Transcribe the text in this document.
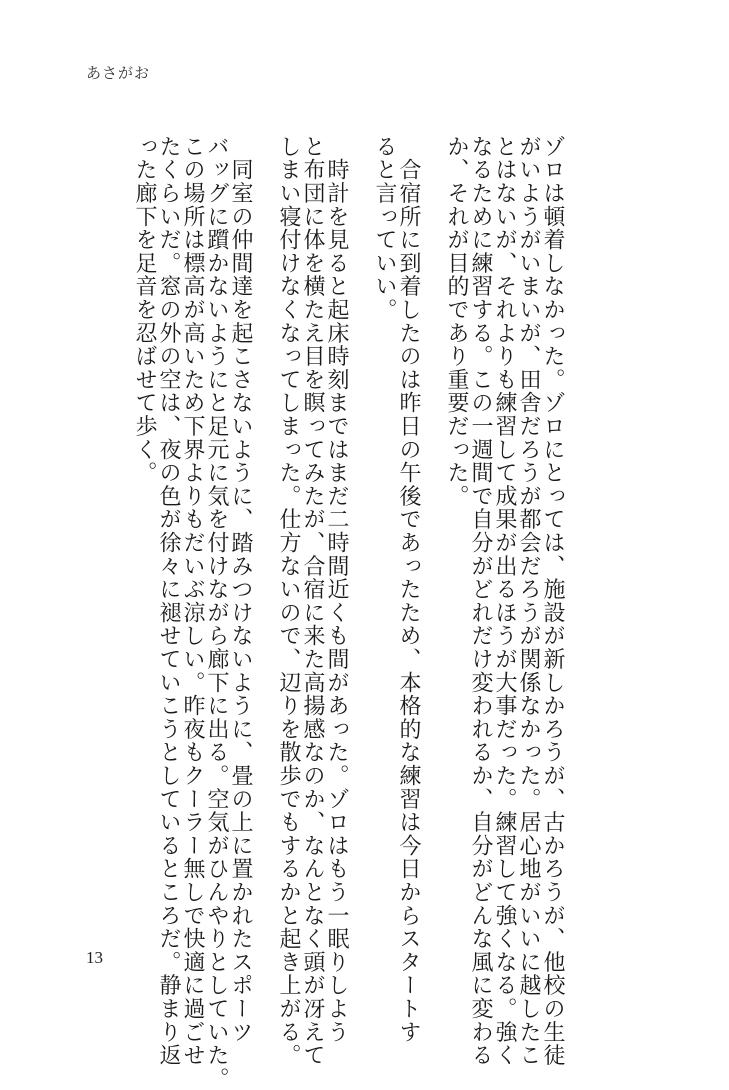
あさがお
ゾロは頓着しなかった。ゾロにとっては、施設が新しかろうが、古かろうが、他校の生徒
がいようがいまいが、田舎だろうが都会だろうが関係なかった。居心地がいいに越したこ
とはないが、それよりも練習して成果が出るほうが大事だった。練習して強くなる。強く
なるために練習する。この一週間で自分がどれだけ変われるか、自分がどんな風に変わる
か、それが目的であり重要だった。
　合宿所に到着したのは昨日の午後であったため、本格的な練習は今日からスタートす
ると言っていい。
　時計を見ると起床時刻まではまだ二時間近くも間があった。ゾロはもう一眠りしよう
と布団に体を横たえ目を瞑ってみたが、合宿に来た高揚感なのか、なんとなく頭が冴えて
しまい寝付けなくなってしまった。仕方ないので、辺りを散歩でもするかと起き上がる。
　同室の仲間達を起こさないように、踏みつけないように、畳の上に置かれたスポーツ
バッグに躓かないようにと足元に気を付けながら廊下に出る。空気がひんやりとしていた。
この場所は標高が高いため下界よりもだいぶ涼しい。昨夜もクーラー無しで快適に過ごせ
たくらいだ。窓の外の空は、夜の色が徐々に褪せていこうとしているところだ。静まり返
った廊下を足音を忍ばせて歩く。
13
